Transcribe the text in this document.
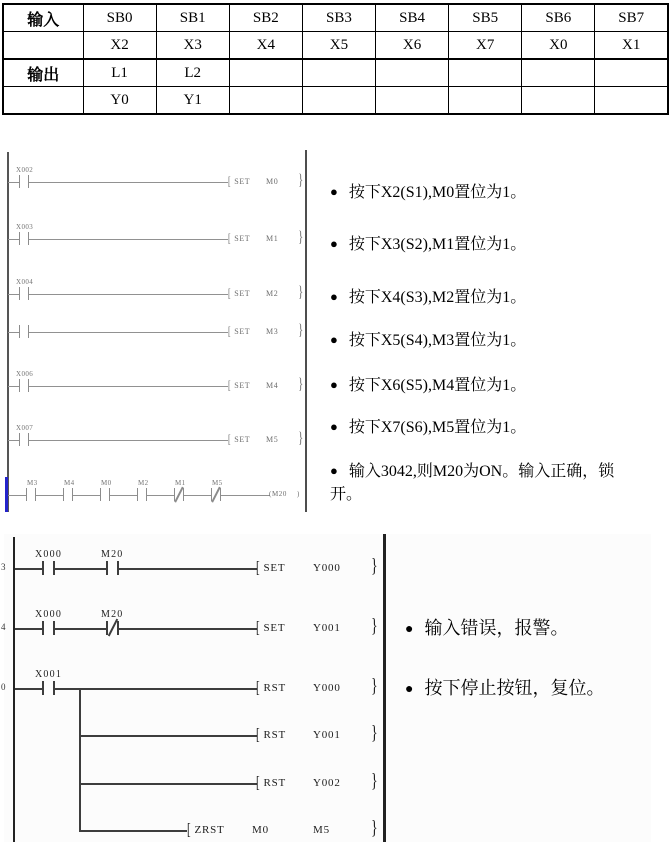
输入	SB0	SB1	SB2	SB3	SB4	SB5	SB6	SB7
	X2	X3	X4	X5	X6	X7	X0	X1
输出	L1	L2						
	Y0	Y1						
X002
[ SET M0 }
X003
[ SET M1 }
X004
[ SET M2 }
[ SET M3 }
X006
[ SET M4 }
X007
[ SET M5 }
M3	M4	M0	M2	M1	M5
(M20 )
● 按下X2(S1),M0置位为1。
● 按下X3(S2),M1置位为1。
● 按下X4(S3),M2置位为1。
● 按下X5(S4),M3置位为1。
● 按下X6(S5),M4置位为1。
● 按下X7(S6),M5置位为1。
● 输入3042,则M20为ON。输入正确，锁开。
3
4
0
X000	M20
[ SET	Y000 }
X000	M20
[ SET	Y001 }
X001
[ RST Y000 }
[ RST Y001 }
[ RST Y002 }
[ ZRST M0	M5	}
● 输入错误，报警。
● 按下停止按钮，复位。
